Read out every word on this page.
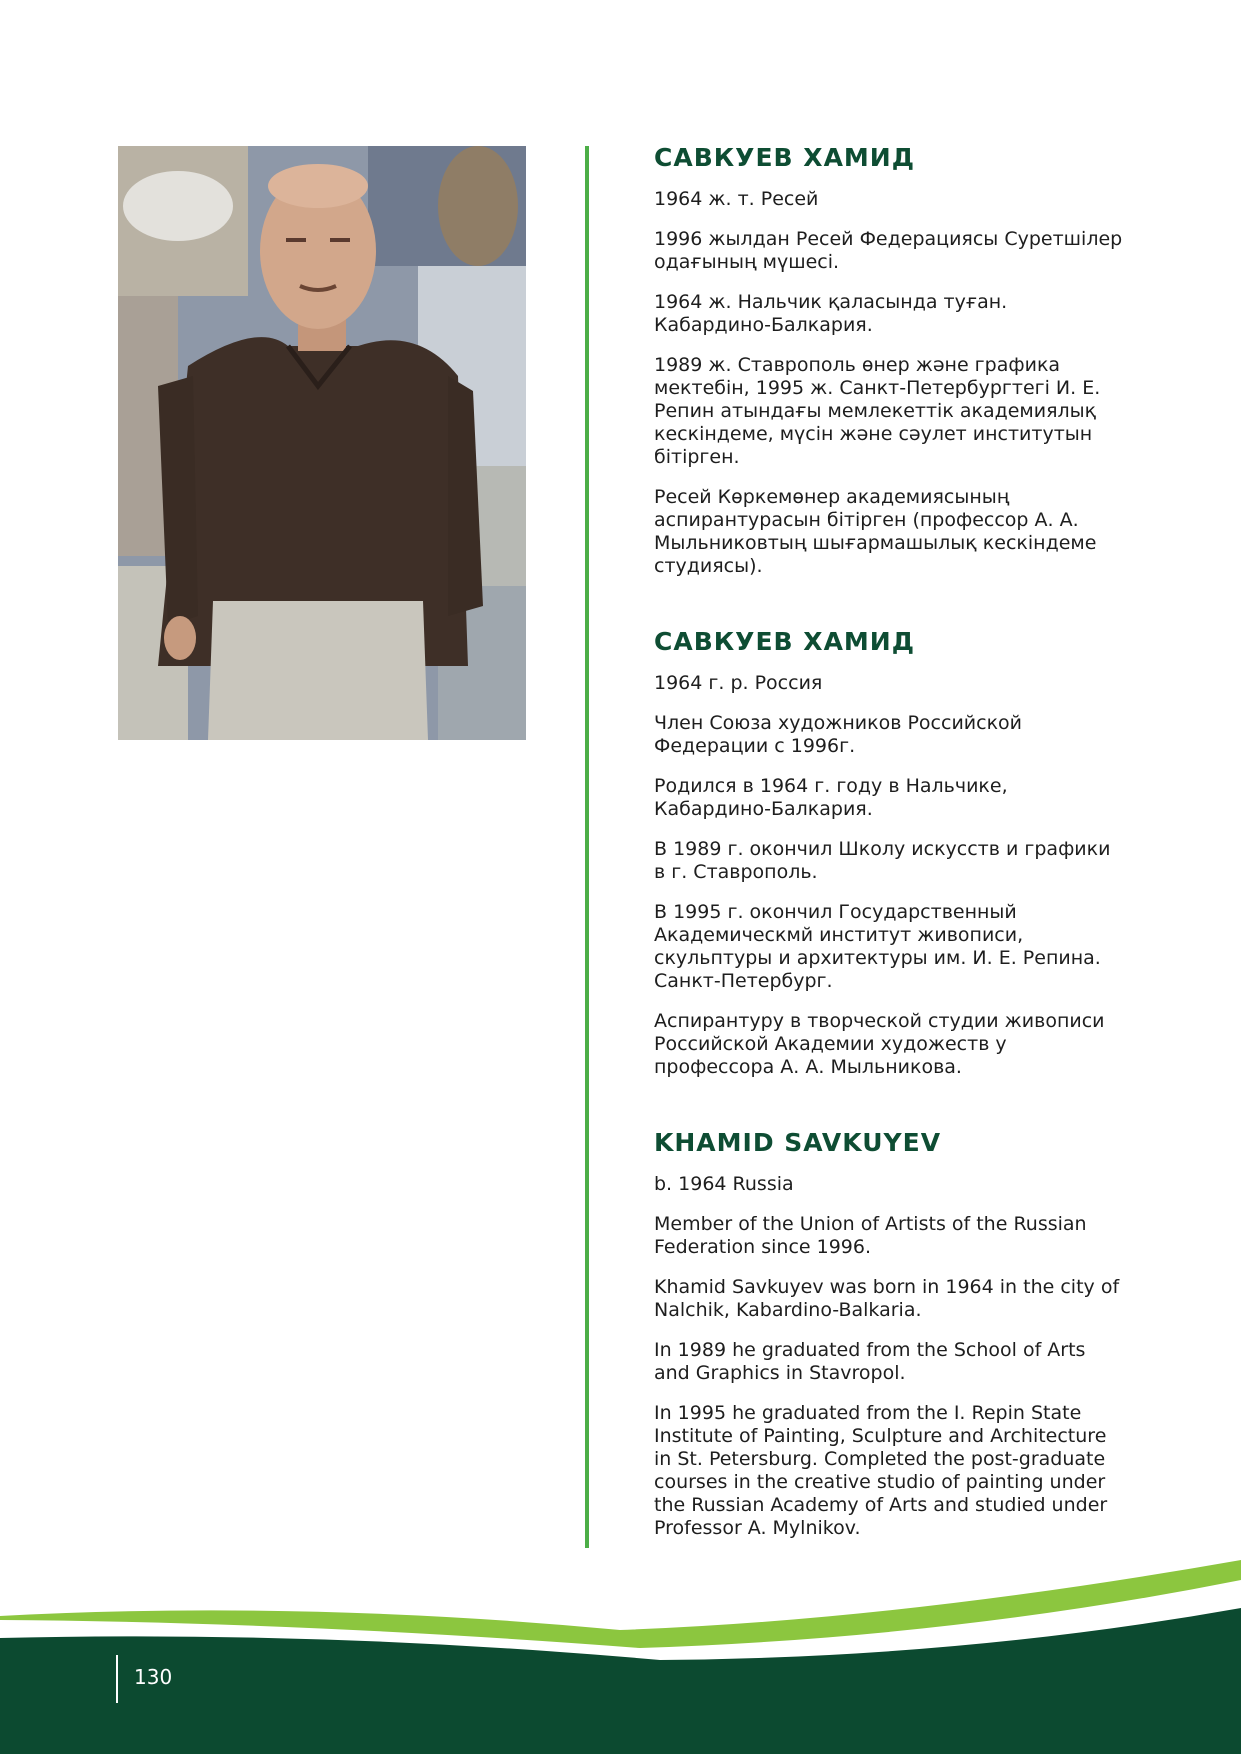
САВКУЕВ ХАМИД

1964 ж. т. Ресей

1996 жылдан Ресей Федерациясы Суретшілер одағының мүшесі.

1964 ж. Нальчик қаласында туған. Кабардино-Балкария.

1989 ж. Ставрополь өнер және графика мектебін, 1995 ж. Санкт-Петербургтегі И. Е. Репин атындағы мемлекеттік академиялық кескіндеме, мүсін және сәулет институтын бітірген.

Ресей Көркемөнер академиясының аспирантурасын бітірген (профессор А. А. Мыльниковтың шығармашылық кескіндеме студиясы).

САВКУЕВ ХАМИД

1964 г. р. Россия

Член Союза художников Российской Федерации с 1996г.

Родился в 1964 г. году в Нальчике, Кабардино-Балкария.

В 1989 г. окончил Школу искусств и графики в г. Ставрополь.

В 1995 г. окончил Государственный Академическмй институт живописи, скульптуры и архитектуры им. И. Е. Репина. Санкт-Петербург.

Аспирантуру в творческой студии живописи Российской Академии художеств у профессора А. А. Мыльникова.

KHAMID SAVKUYEV

b. 1964 Russia

Member of the Union of Artists of the Russian Federation since 1996.

Khamid Savkuyev was born in 1964 in the city of Nalchik, Kabardino-Balkaria.

In 1989 he graduated from the School of Arts and Graphics in Stavropol.

In 1995 he graduated from the I. Repin State Institute of Painting, Sculpture and Architecture in St. Petersburg. Completed the post-graduate courses in the creative studio of painting under the Russian Academy of Arts and studied under Professor A. Mylnikov.

130
